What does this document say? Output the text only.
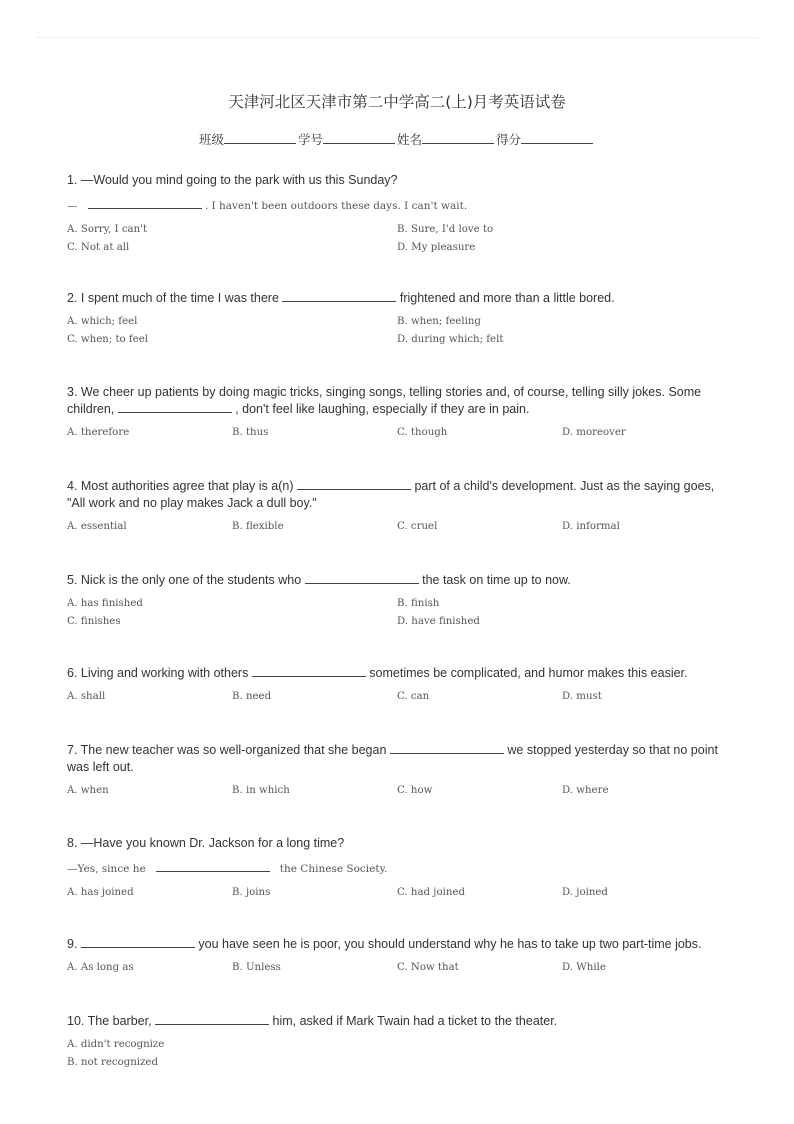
天津河北区天津市第二中学高二(上)月考英语试卷
班级	学号	姓名	得分
1. —Would you mind going to the park with us this Sunday?
—	. I haven't been outdoors these days. I can't wait.
A. Sorry, I can't	B. Sure, I'd love to
C. Not at all	D. My pleasure
2. I spent much of the time I was there	frightened and more than a little bored.
A. which; feel	B. when; feeling
C. when; to feel	D. during which; felt
3. We cheer up patients by doing magic tricks, singing songs, telling stories and, of course, telling silly jokes. Some
children,	, don't feel like laughing, especially if they are in pain.
A. therefore	B. thus	C. though	D. moreover
4. Most authorities agree that play is a(n)	part of a child's development. Just as the saying goes,
"All work and no play makes Jack a dull boy."
A. essential	B. flexible	C. cruel	D. informal
5. Nick is the only one of the students who	the task on time up to now.
A. has finished	B. finish
C. finishes	D. have finished
6. Living and working with others	sometimes be complicated, and humor makes this easier.
A. shall	B. need	C. can	D. must
7. The new teacher was so well-organized that she began	we stopped yesterday so that no point
was left out.
A. when	B. in which	C. how	D. where
8. —Have you known Dr. Jackson for a long time?
—Yes, since he	the Chinese Society.
A. has joined	B. joins	C. had joined	D. joined
9.	you have seen he is poor, you should understand why he has to take up two part-time jobs.
A. As long as	B. Unless	C. Now that	D. While
10. The barber,	him, asked if Mark Twain had a ticket to the theater.
A. didn't recognize
B. not recognized
